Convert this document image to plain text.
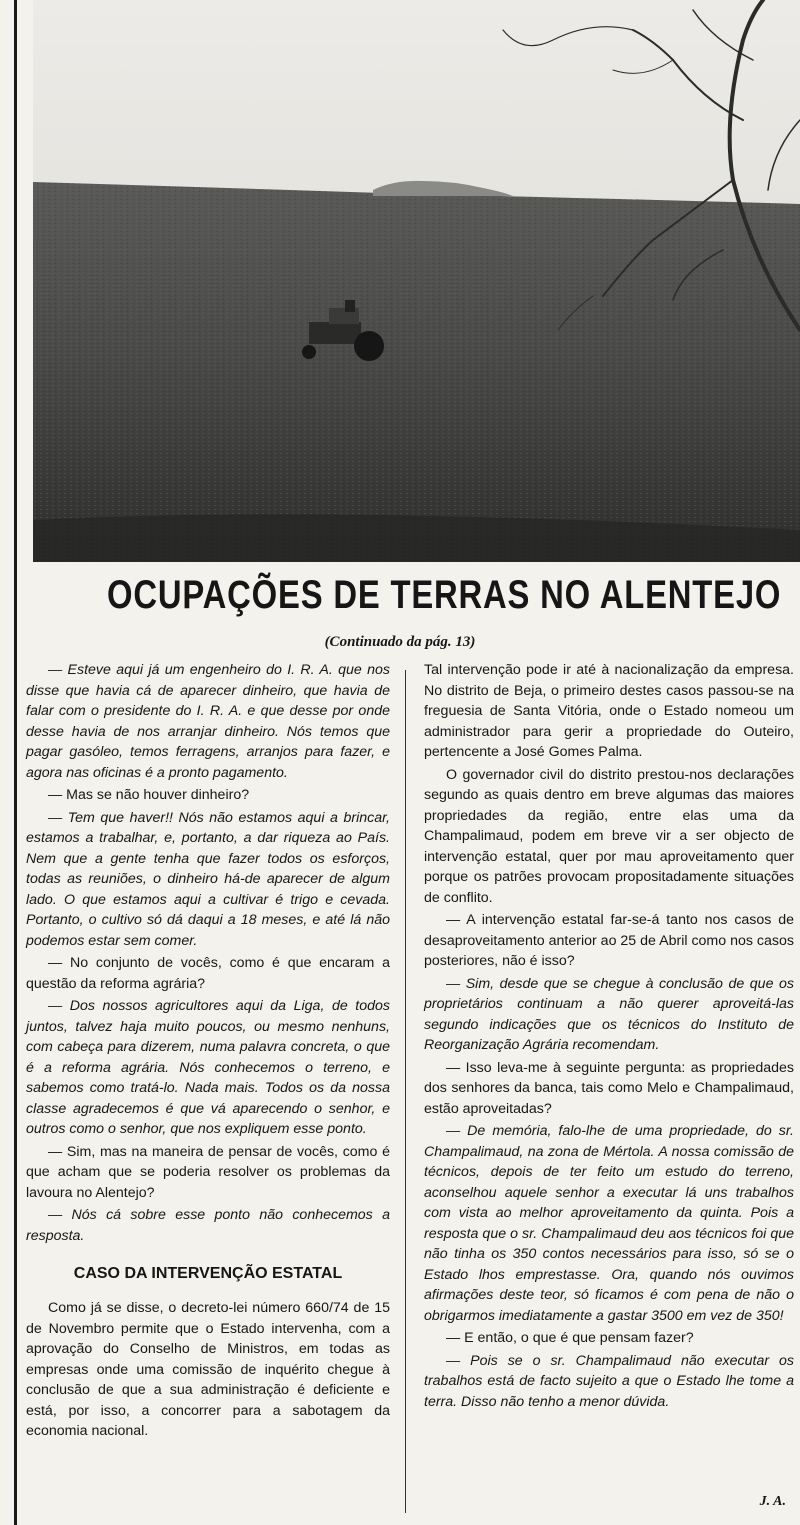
OCUPAÇÕES DE TERRAS NO ALENTEJO
(Continuado da pág. 13)

— Esteve aqui já um engenheiro do I. R. A. que nos disse que havia cá de aparecer dinheiro, que havia de falar com o presidente do I. R. A. e que desse por onde desse havia de nos arranjar dinheiro. Nós temos que pagar gasóleo, temos ferragens, arranjos para fazer, e agora nas oficinas é a pronto pagamento.

— Mas se não houver dinheiro?

— Tem que haver!! Nós não estamos aqui a brincar, estamos a trabalhar, e, portanto, a dar riqueza ao País. Nem que a gente tenha que fazer todos os esforços, todas as reuniões, o dinheiro há-de aparecer de algum lado. O que estamos aqui a cultivar é trigo e cevada. Portanto, o cultivo só dá daqui a 18 meses, e até lá não podemos estar sem comer.

— No conjunto de vocês, como é que encaram a questão da reforma agrária?

— Dos nossos agricultores aqui da Liga, de todos juntos, talvez haja muito poucos, ou mesmo nenhuns, com cabeça para dizerem, numa palavra concreta, o que é a reforma agrária. Nós conhecemos o terreno, e sabemos como tratá-lo. Nada mais. Todos os da nossa classe agradecemos é que vá aparecendo o senhor, e outros como o senhor, que nos expliquem esse ponto.

— Sim, mas na maneira de pensar de vocês, como é que acham que se poderia resolver os problemas da lavoura no Alentejo?

— Nós cá sobre esse ponto não conhecemos a resposta.

CASO DA INTERVENÇÃO ESTATAL

Como já se disse, o decreto-lei número 660/74 de 15 de Novembro permite que o Estado intervenha, com a aprovação do Conselho de Ministros, em todas as empresas onde uma comissão de inquérito chegue à conclusão de que a sua administração é deficiente e está, por isso, a concorrer para a sabotagem da economia nacional.

Tal intervenção pode ir até à nacionalização da empresa. No distrito de Beja, o primeiro destes casos passou-se na freguesia de Santa Vitória, onde o Estado nomeou um administrador para gerir a propriedade do Outeiro, pertencente a José Gomes Palma.

O governador civil do distrito prestou-nos declarações segundo as quais dentro em breve algumas das maiores propriedades da região, entre elas uma da Champalimaud, podem em breve vir a ser objecto de intervenção estatal, quer por mau aproveitamento quer porque os patrões provocam propositadamente situações de conflito.

— A intervenção estatal far-se-á tanto nos casos de desaproveitamento anterior ao 25 de Abril como nos casos posteriores, não é isso?

— Sim, desde que se chegue à conclusão de que os proprietários continuam a não querer aproveitá-las segundo indicações que os técnicos do Instituto de Reorganização Agrária recomendam.

— Isso leva-me à seguinte pergunta: as propriedades dos senhores da banca, tais como Melo e Champalimaud, estão aproveitadas?

— De memória, falo-lhe de uma propriedade, do sr. Champalimaud, na zona de Mértola. A nossa comissão de técnicos, depois de ter feito um estudo do terreno, aconselhou aquele senhor a executar lá uns trabalhos com vista ao melhor aproveitamento da quinta. Pois a resposta que o sr. Champalimaud deu aos técnicos foi que não tinha os 350 contos necessários para isso, só se o Estado lhos emprestasse. Ora, quando nós ouvimos afirmações deste teor, só ficamos é com pena de não o obrigarmos imediatamente a gastar 3500 em vez de 350!

— E então, o que é que pensam fazer?

— Pois se o sr. Champalimaud não executar os trabalhos está de facto sujeito a que o Estado lhe tome a terra. Disso não tenho a menor dúvida.

J. A.
